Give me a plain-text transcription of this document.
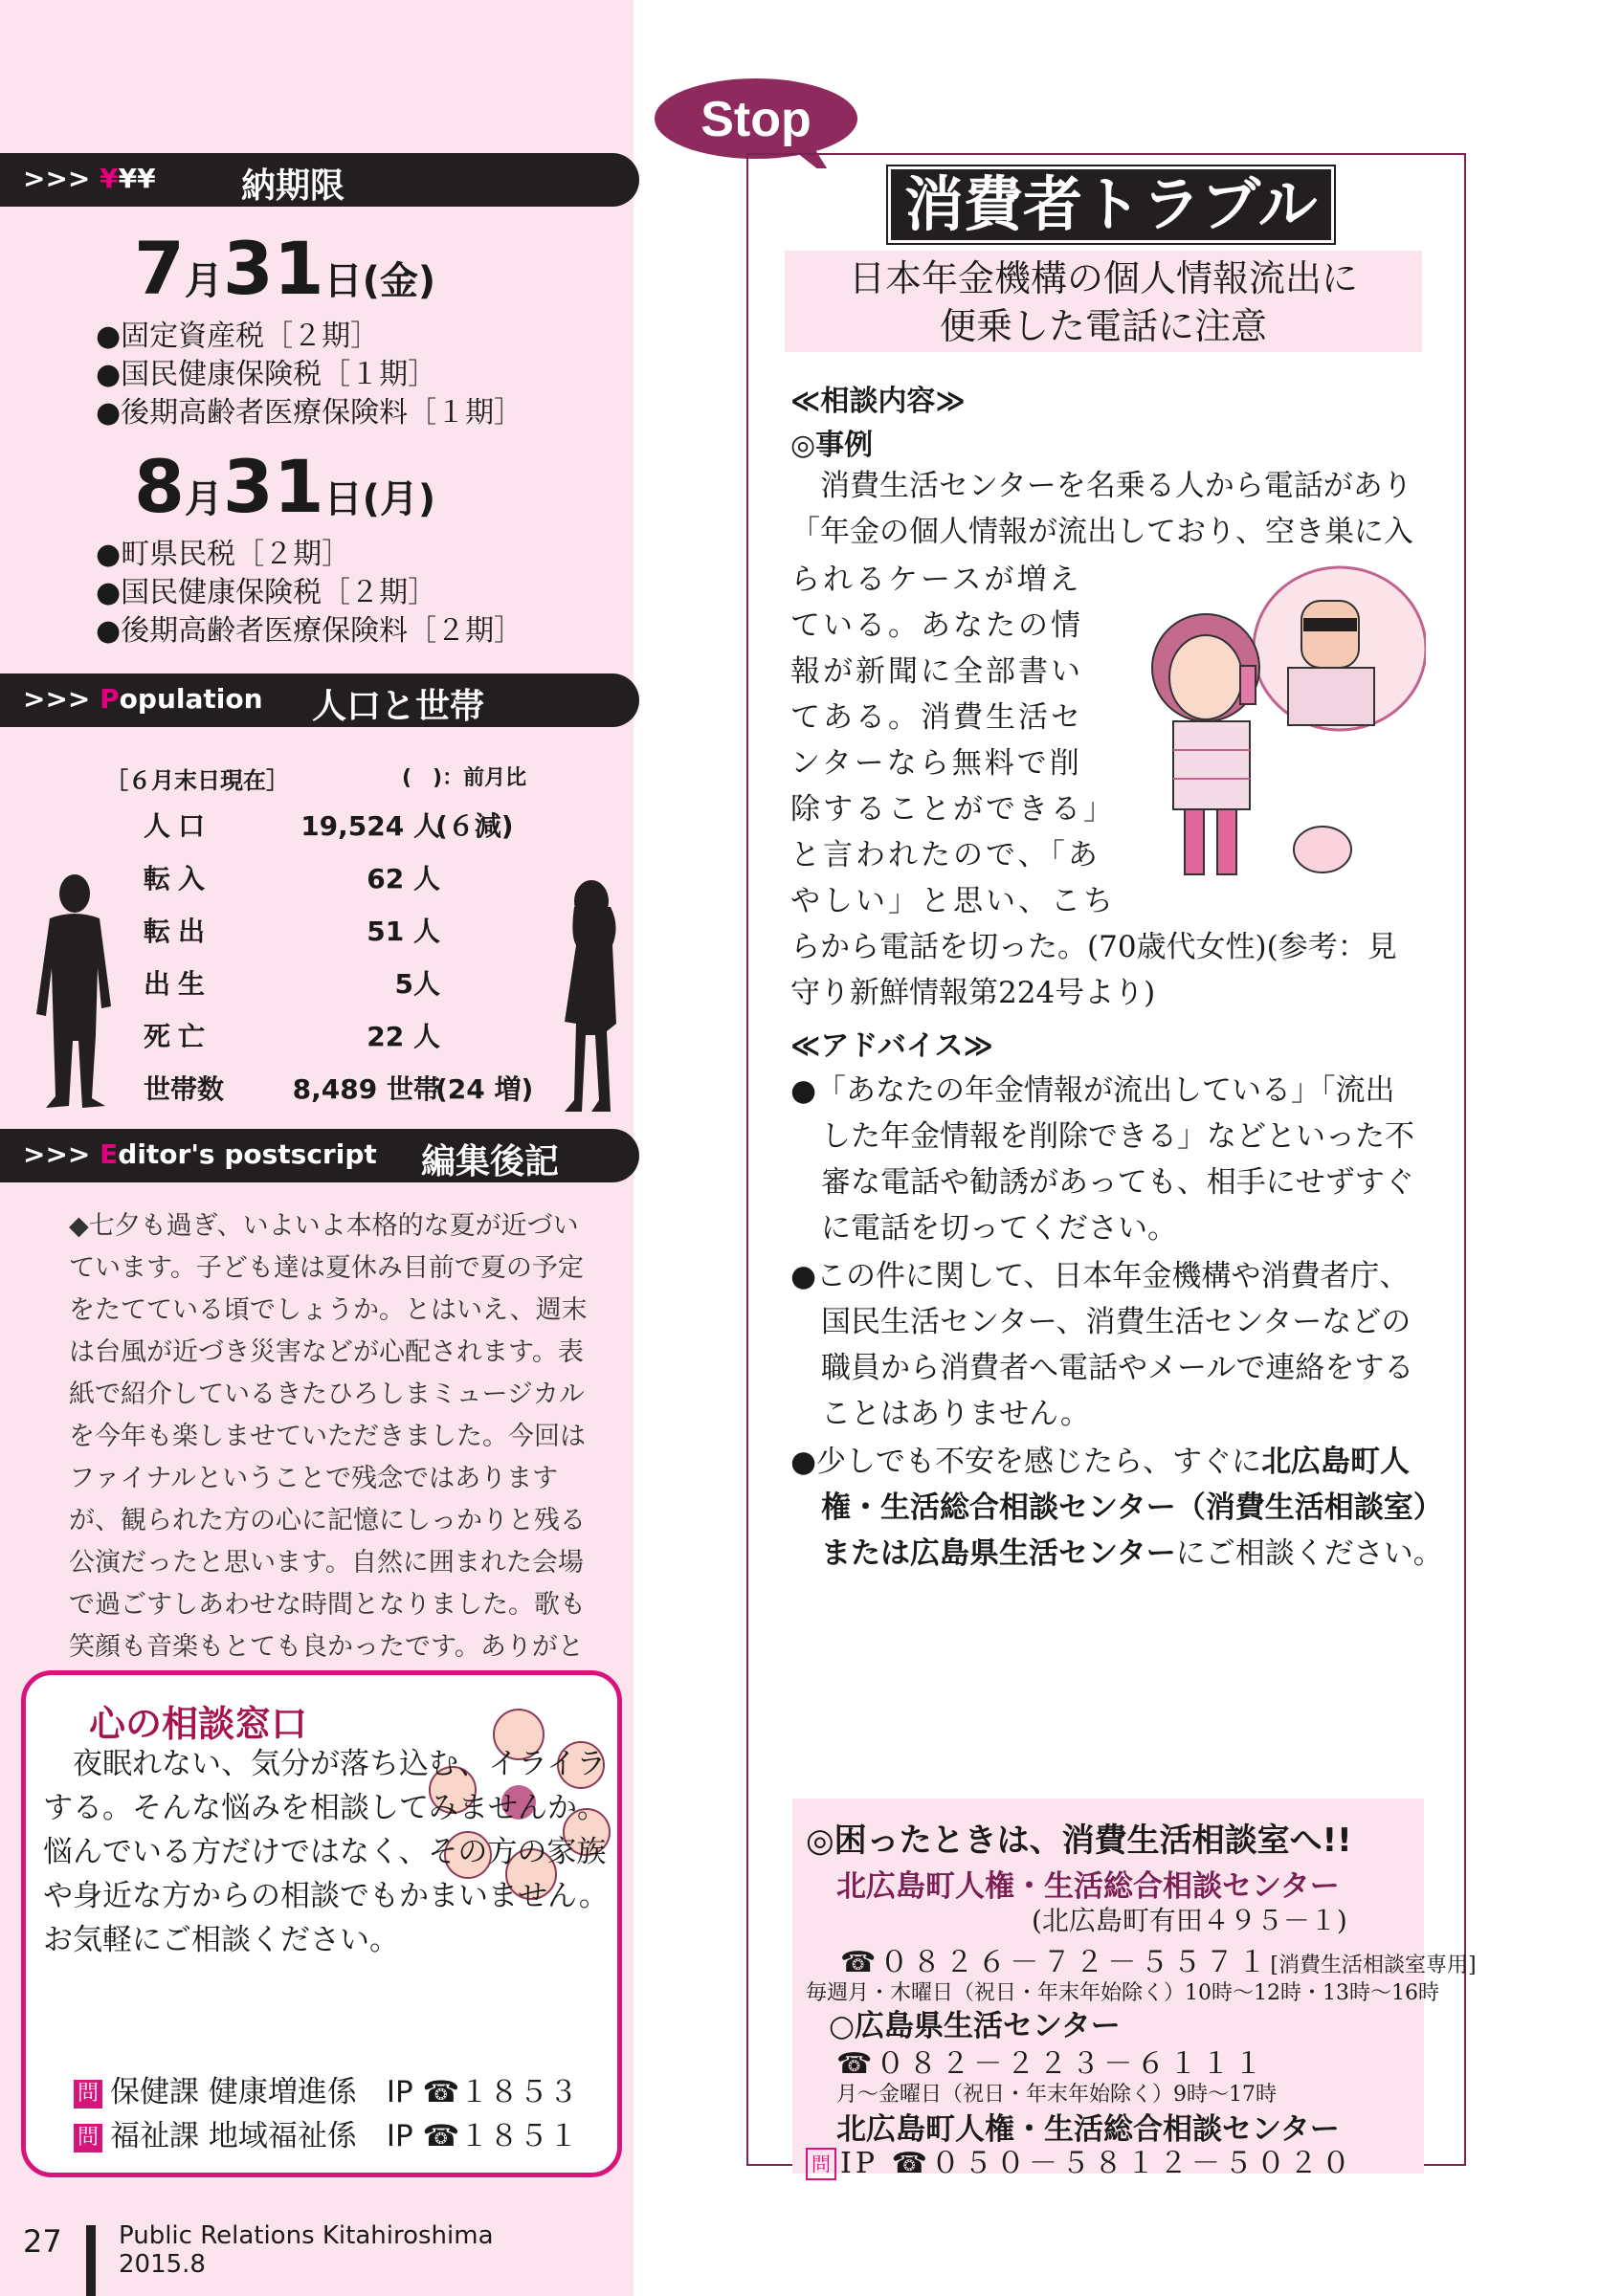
>>> ¥¥¥ 納期限
7月31日(金)
●固定資産税［２期］
●国民健康保険税［１期］
●後期高齢者医療保険料［１期］
8月31日(月)
●町県民税［２期］
●国民健康保険税［２期］
●後期高齢者医療保険料［２期］
>>> Population 人口と世帯
［６月末日現在］	(　)：前月比
人口	19,524 人
(６減)
転入	62 人
転出	51 人
出生	5人
死亡	22 人
世帯数	8,489 世帯
(24 増)
>>> Editor's postscript 編集後記

◆七夕も過ぎ、いよいよ本格的な夏が近づいています。子ども達は夏休み目前で夏の予定をたてている頃でしょうか。とはいえ、週末は台風が近づき災害などが心配されます。表紙で紹介しているきたひろしまミュージカルを今年も楽しませていただきました。今回はファイナルということで残念ではありますが、観られた方の心に記憶にしっかりと残る公演だったと思います。自然に囲まれた会場で過ごすしあわせな時間となりました。歌も笑顔も音楽もとても良かったです。ありがと

心の相談窓口

　夜眠れない、気分が落ち込む、イライラする。そんな悩みを相談してみませんか。悩んでいる方だけではなく、その方の家族や身近な方からの相談でもかまいません。お気軽にご相談ください。

問 保健課 健康増進係　IP ☎１８５３
問 福祉課 地域福祉係　IP ☎１８５１
27 Public Relations Kitahiroshima
2015.8
Stop
消費者トラブル
日本年金機構の個人情報流出に
便乗した電話に注意
≪相談内容≫
◎事例
　消費生活センターを名乗る人から電話があり
「年金の個人情報が流出しており、空き巣に入
られるケースが増え
ている。あなたの情
報が新聞に全部書い
てある。消費生活セ
ンターなら無料で削
除することができる」
と言われたので、「あ
やしい」と思い、こち
らから電話を切った。(70歳代女性)(参考：見
守り新鮮情報第224号より)
≪アドバイス≫
●「あなたの年金情報が流出している」「流出
した年金情報を削除できる」などといった不
審な電話や勧誘があっても、相手にせずすぐ
に電話を切ってください。
●この件に関して、日本年金機構や消費者庁、
国民生活センター、消費生活センターなどの
職員から消費者へ電話やメールで連絡をする
ことはありません。
●少しでも不安を感じたら、すぐに北広島町人
権・生活総合相談センター（消費生活相談室）
または広島県生活センターにご相談ください。
◎困ったときは、消費生活相談室へ!!
北広島町人権・生活総合相談センター
(北広島町有田４９５－１)
☎０８２６－７２－５５７１[消費生活相談室専用]
毎週月・木曜日（祝日・年末年始除く）10時～12時・13時～16時
○広島県生活センター
☎０８２－２２３－６１１１
月～金曜日（祝日・年末年始除く）9時～17時
北広島町人権・生活総合相談センター
問 IP ☎０５０－５８１２－５０２０
